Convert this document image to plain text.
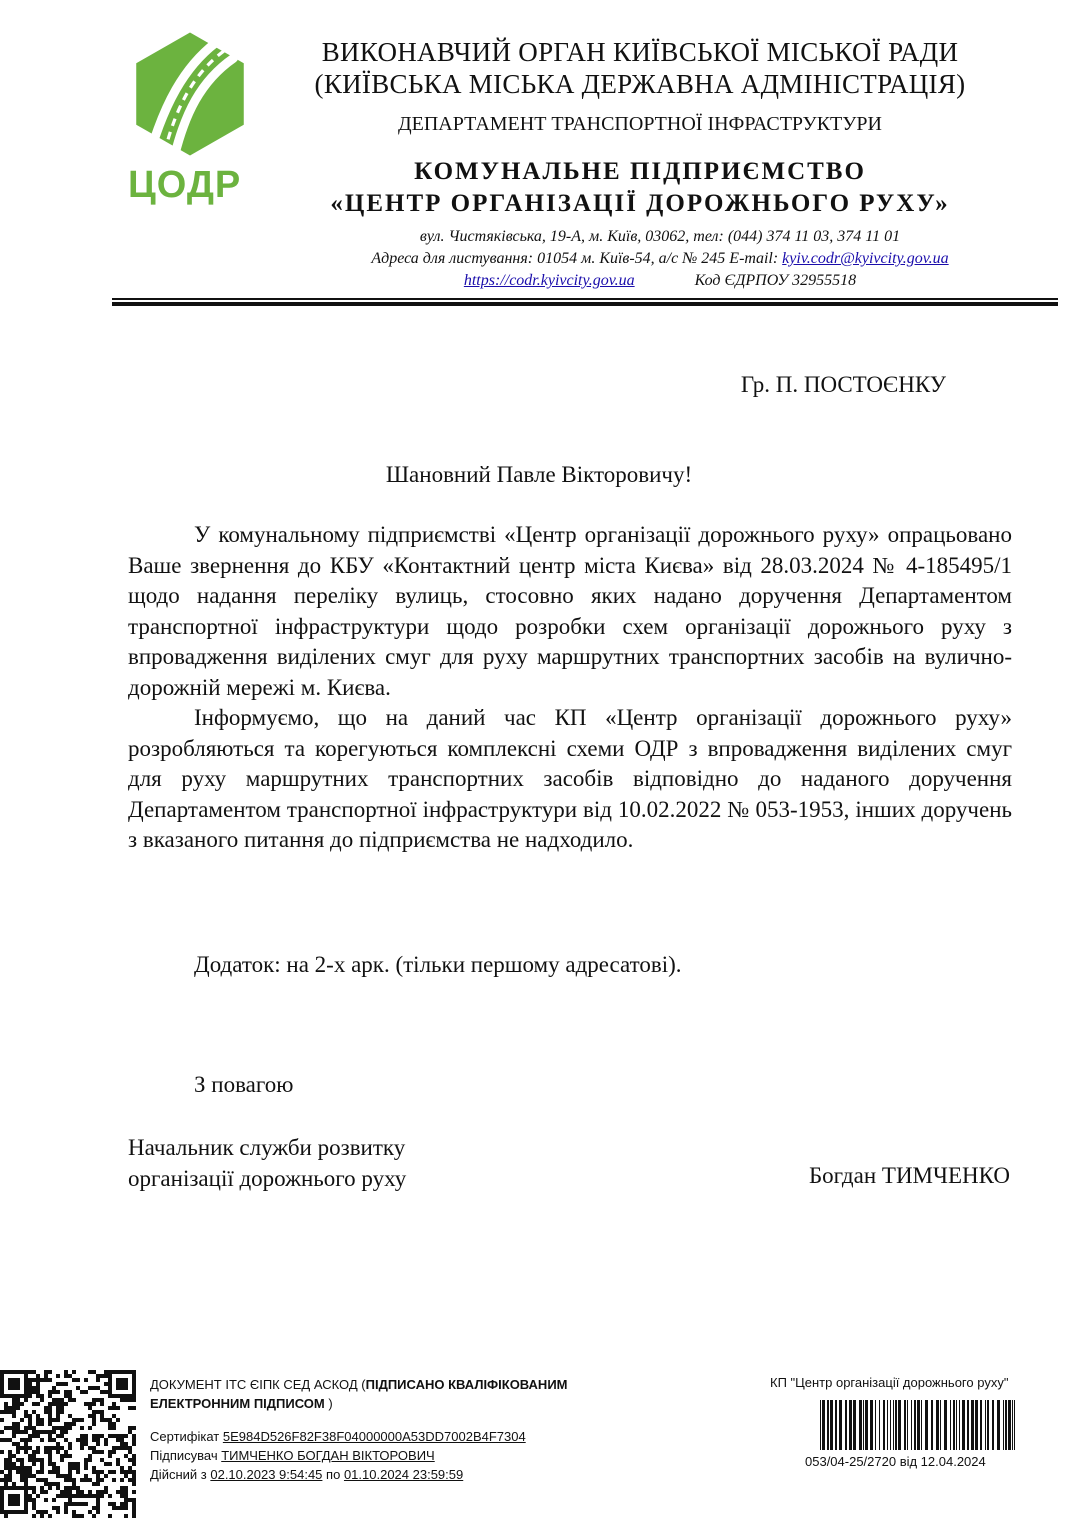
ЦОДР
ВИКОНАВЧИЙ ОРГАН КИЇВСЬКОЇ МІСЬКОЇ РАДИ
(КИЇВСЬКА МІСЬКА ДЕРЖАВНА АДМІНІСТРАЦІЯ)
ДЕПАРТАМЕНТ ТРАНСПОРТНОЇ ІНФРАСТРУКТУРИ
КОМУНАЛЬНЕ ПІДПРИЄМСТВО
«ЦЕНТР ОРГАНІЗАЦІЇ ДОРОЖНЬОГО РУХУ»
вул. Чистяківська, 19-А, м. Київ, 03062, тел: (044) 374 11 03, 374 11 01
Адреса для листування: 01054 м. Київ-54, а/с № 245 E-mail: kyiv.codr@kyivcity.gov.ua
https://codr.kyivcity.gov.ua	Код ЄДРПОУ 32955518
Гр. П. ПОСТОЄНКУ
Шановний Павле Вікторовичу!

У комунальному підприємстві «Центр організації дорожнього руху» опрацьовано Ваше звернення до КБУ «Контактний центр міста Києва» від 28.03.2024 № 4-185495/1 щодо надання переліку вулиць, стосовно яких надано доручення Департаментом транспортної інфраструктури щодо розробки схем організації дорожнього руху з впровадження виділених смуг для руху маршрутних транспортних засобів на вулично-дорожній мережі м. Києва.

Інформуємо, що на даний час КП «Центр організації дорожнього руху» розробляються та корегуються комплексні схеми ОДР з впровадження виділених смуг для руху маршрутних транспортних засобів відповідно до наданого доручення Департаментом транспортної інфраструктури від 10.02.2022 № 053-1953, інших доручень з вказаного питання до підприємства не надходило.

Додаток: на 2-х арк. (тільки першому адресатові).
З повагою
Начальник служби розвитку
організації дорожнього руху	Богдан ТИМЧЕНКО
ДОКУМЕНТ ІТС ЄІПК СЕД АСКОД (ПІДПИСАНО КВАЛІФІКОВАНИМ ЕЛЕКТРОННИМ ПІДПИСОМ )
Сертифікат 5E984D526F82F38F04000000A53DD7002B4F7304
Підписувач ТИМЧЕНКО БОГДАН ВІКТОРОВИЧ
Дійсний з 02.10.2023 9:54:45 по 01.10.2024 23:59:59
КП "Центр організації дорожнього руху"
053/04-25/2720 від 12.04.2024
